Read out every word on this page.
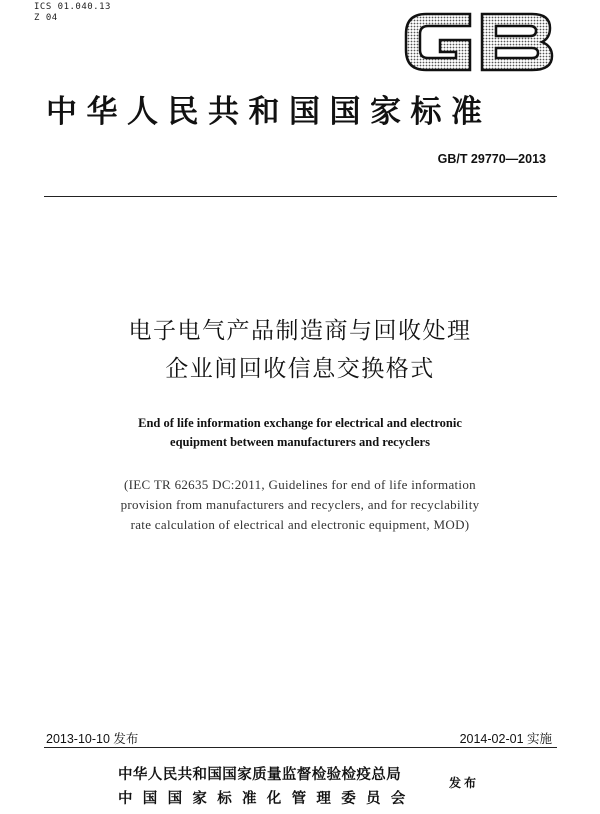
ICS 01.040.13
Z 04
中华人民共和国国家标准
GB/T 29770—2013
电子电气产品制造商与回收处理
企业间回收信息交换格式
End of life information exchange for electrical and electronic
equipment between manufacturers and recyclers
(IEC TR 62635 DC:2011, Guidelines for end of life information
provision from manufacturers and recyclers, and for recyclability
rate calculation of electrical and electronic equipment, MOD)
2013-10-10 发布	2014-02-01 实施
中华人民共和国国家质量监督检验检疫总局
中国国家标准化管理委员会
发布
